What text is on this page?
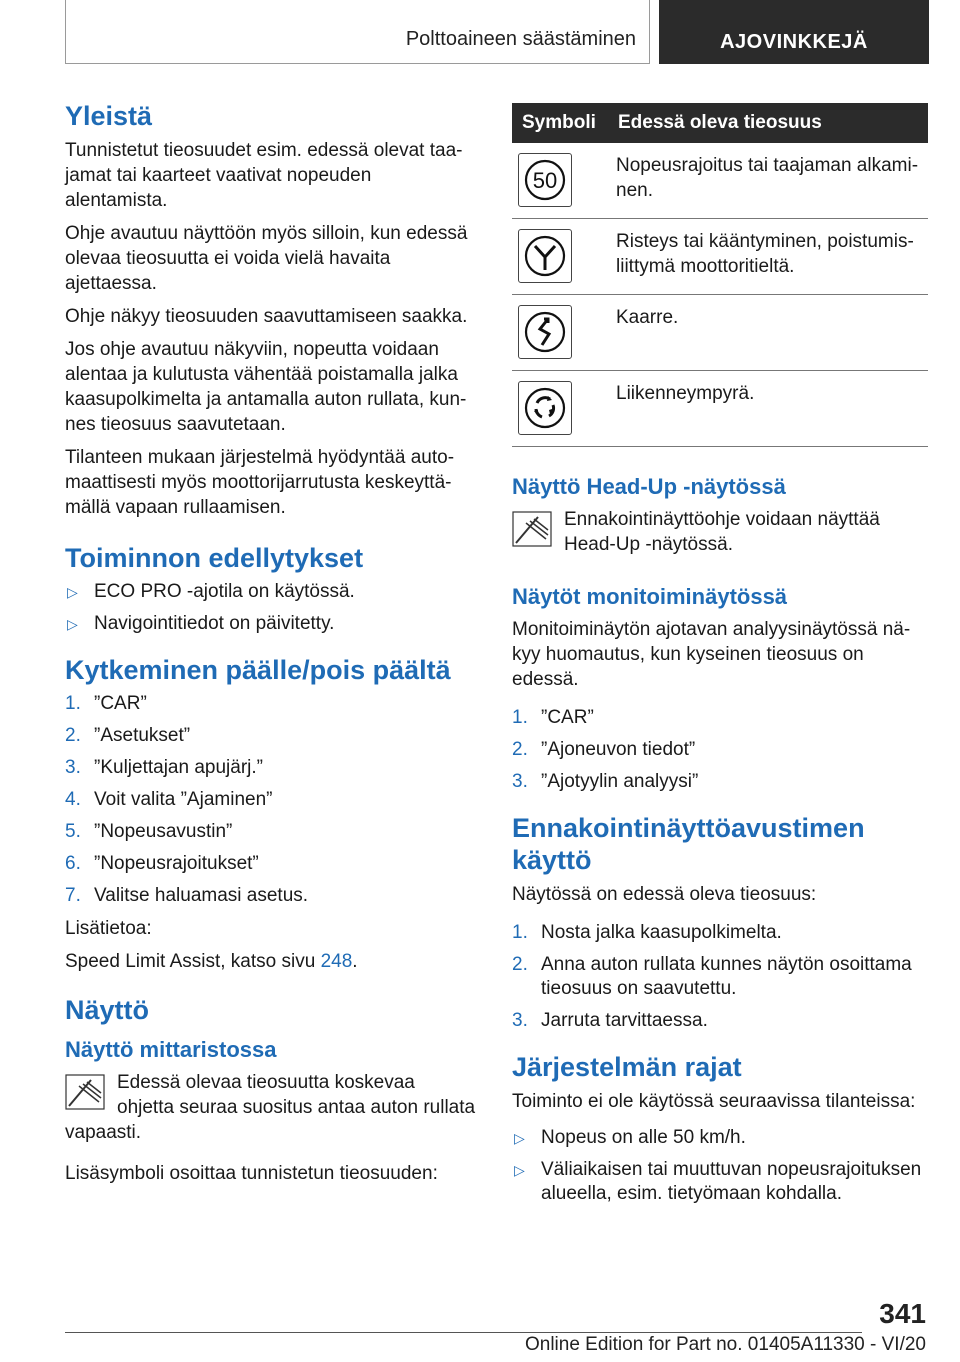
Polttoaineen säästäminen	AJOVINKKEJÄ
Yleistä

Tunnistetut tieosuudet esim. edessä olevat taajamat tai kaarteet vaativat nopeuden alentamista.

Ohje avautuu näyttöön myös silloin, kun edessä olevaa tieosuutta ei voida vielä havaita ajettaessa.

Ohje näkyy tieosuuden saavuttamiseen saakka.

Jos ohje avautuu näkyviin, nopeutta voidaan alentaa ja kulutusta vähentää poistamalla jalka kaasupolkimelta ja antamalla auton rullata, kunnes tieosuus saavutetaan.

Tilanteen mukaan järjestelmä hyödyntää automaattisesti myös moottorijarrutusta keskeyttämällä vapaan rullaamisen.

Toiminnon edellytykset
▷ ECO PRO -ajotila on käytössä.
▷ Navigointitiedot on päivitetty.
Kytkeminen päälle/pois päältä
1. ”CAR”
2. ”Asetukset”
3. ”Kuljettajan apujärj.”
4. Voit valita ”Ajaminen”
5. ”Nopeusavustin”
6. ”Nopeusrajoitukset”
7. Valitse haluamasi asetus.

Lisätietoa:

Speed Limit Assist, katso sivu 248.

Näyttö
Näyttö mittaristossa

Edessä olevaa tieosuutta koskevaa ohjetta seuraa suositus antaa auton rullata vapaasti.

Lisäsymboli osoittaa tunnistetun tieosuuden:

Symboli	Edessä oleva tieosuus

50	Nopeusrajoitus tai taajaman alkaminen.

	Risteys tai kääntyminen, poistumisliittymä moottoritieltä.

	Kaarre.

	Liikenneympyrä.
Näyttö Head-Up -näytössä

Ennakointinäyttöohje voidaan näyttää Head-Up -näytössä.

Näytöt monitoiminäytössä

Monitoiminäytön ajotavan analyysinäytössä näkyy huomautus, kun kyseinen tieosuus on edessä.

1. ”CAR”
2. ”Ajoneuvon tiedot”
3. ”Ajotyylin analyysi”
Ennakointinäyttöavustimen käyttö

Näytössä on edessä oleva tieosuus:

1. Nosta jalka kaasupolkimelta.
2. Anna auton rullata kunnes näytön osoittama tieosuus on saavutettu.
3. Jarruta tarvittaessa.
Järjestelmän rajat

Toiminto ei ole käytössä seuraavissa tilanteissa:

▷ Nopeus on alle 50 km/h.
▷ Väliaikaisen tai muuttuvan nopeusrajoituksen alueella, esim. tietyömaan kohdalla.
341
Online Edition for Part no. 01405A11330 - VI/20
